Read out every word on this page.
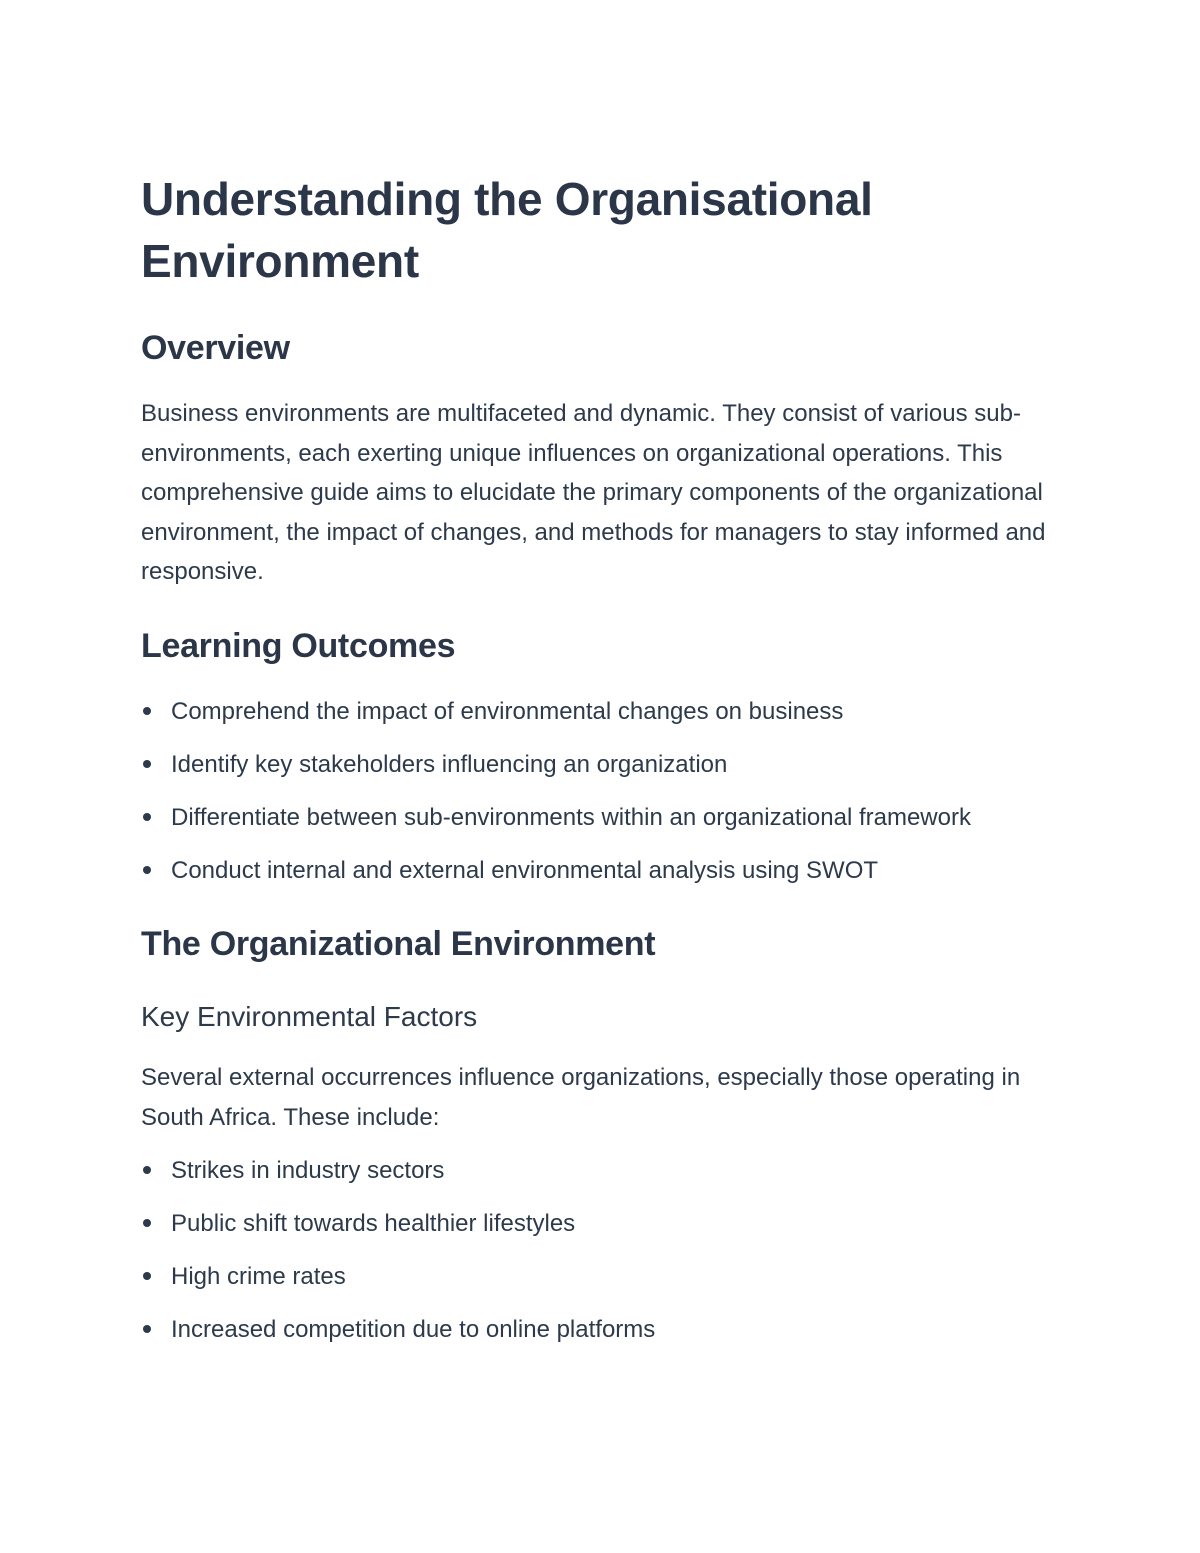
Understanding the Organisational Environment
Overview

Business environments are multifaceted and dynamic. They consist of various sub-environments, each exerting unique influences on organizational operations. This comprehensive guide aims to elucidate the primary components of the organizational environment, the impact of changes, and methods for managers to stay informed and responsive.

Learning Outcomes
Comprehend the impact of environmental changes on business
Identify key stakeholders influencing an organization
Differentiate between sub-environments within an organizational framework
Conduct internal and external environmental analysis using SWOT
The Organizational Environment
Key Environmental Factors

Several external occurrences influence organizations, especially those operating in South Africa. These include:

Strikes in industry sectors
Public shift towards healthier lifestyles
High crime rates
Increased competition due to online platforms
